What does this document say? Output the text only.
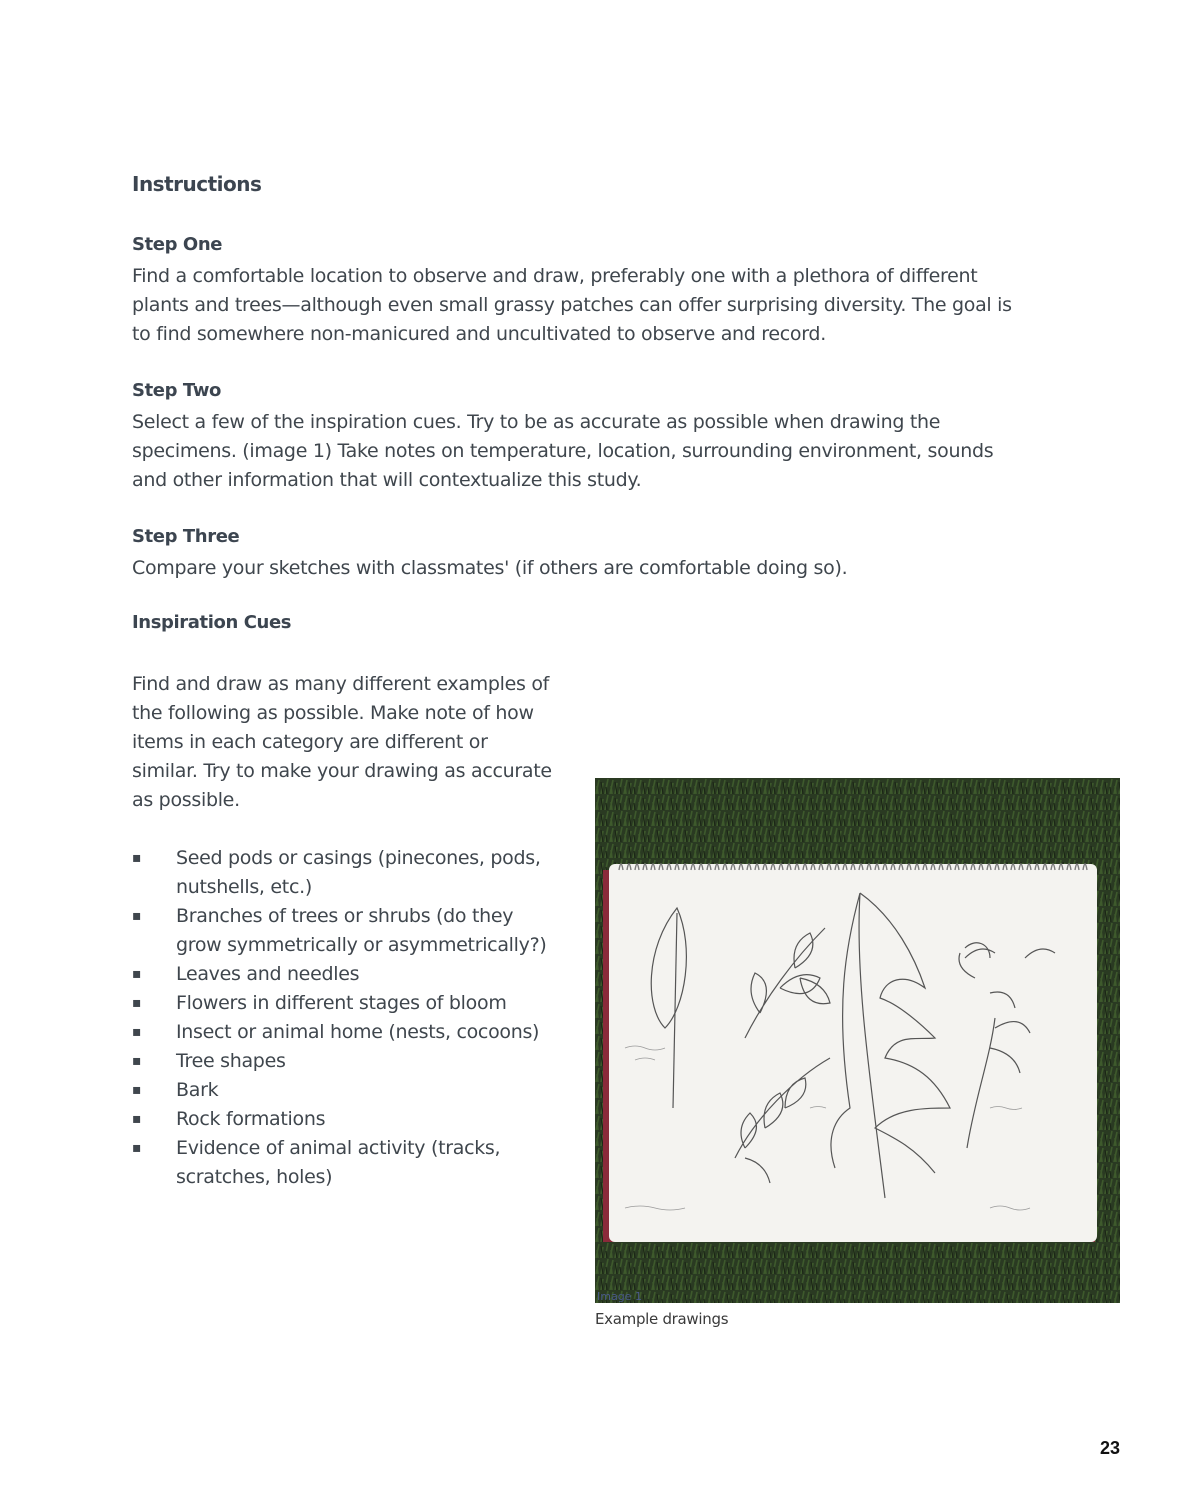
Instructions
Step One

Find a comfortable location to observe and draw, preferably one with a plethora of different plants and trees—although even small grassy patches can offer surprising diversity. The goal is to find somewhere non-manicured and uncultivated to observe and record.

Step Two

Select a few of the inspiration cues. Try to be as accurate as possible when drawing the specimens. (image 1) Take notes on temperature, location, surrounding environment, sounds and other information that will contextualize this study.

Step Three

Compare your sketches with classmates' (if others are comfortable doing so).

Inspiration Cues

Find and draw as many different examples of the following as possible. Make note of how items in each category are different or similar. Try to make your drawing as accurate as possible.

▪	Seed pods or casings (pinecones, pods, nutshells, etc.)
▪	Branches of trees or shrubs (do they grow symmetrically or asymmetrically?)
▪	Leaves and needles
▪	Flowers in different stages of bloom
▪	Insect or animal home (nests, cocoons)
▪	Tree shapes
▪	Bark
▪	Rock formations
▪	Evidence of animal activity (tracks, scratches, holes)
Image 1

Example drawings

23
